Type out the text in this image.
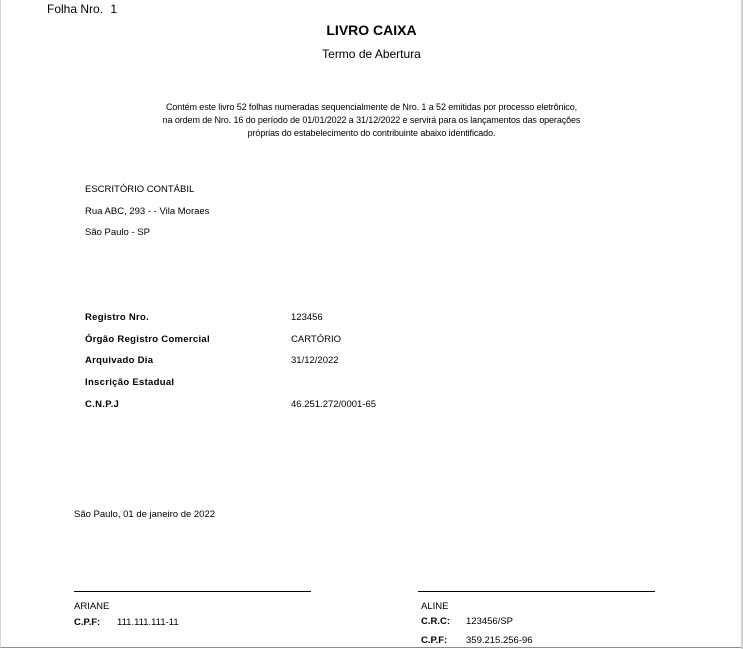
Folha Nro. 1
LIVRO CAIXA
Termo de Abertura
Contém este livro 52 folhas numeradas sequencialmente de Nro. 1 a 52 emitidas por processo eletrônico,
na ordem de Nro. 16 do período de 01/01/2022 a 31/12/2022 e servirá para os lançamentos das operações
próprias do estabelecimento do contribuinte abaixo identificado.
ESCRITÓRIO CONTÁBIL
Rua ABC, 293 - - Vila Moraes
São Paulo - SP
Registro Nro.	123456
Órgão Registro Comercial	CARTÓRIO
Arquivado Dia	31/12/2022
Inscrição Estadual
C.N.P.J	46.251.272/0001-65
São Paulo, 01 de janeiro de 2022
ARIANE
C.P.F: 111.111.111-11
ALINE
C.R.C: 123456/SP
C.P.F: 359.215.256-96
